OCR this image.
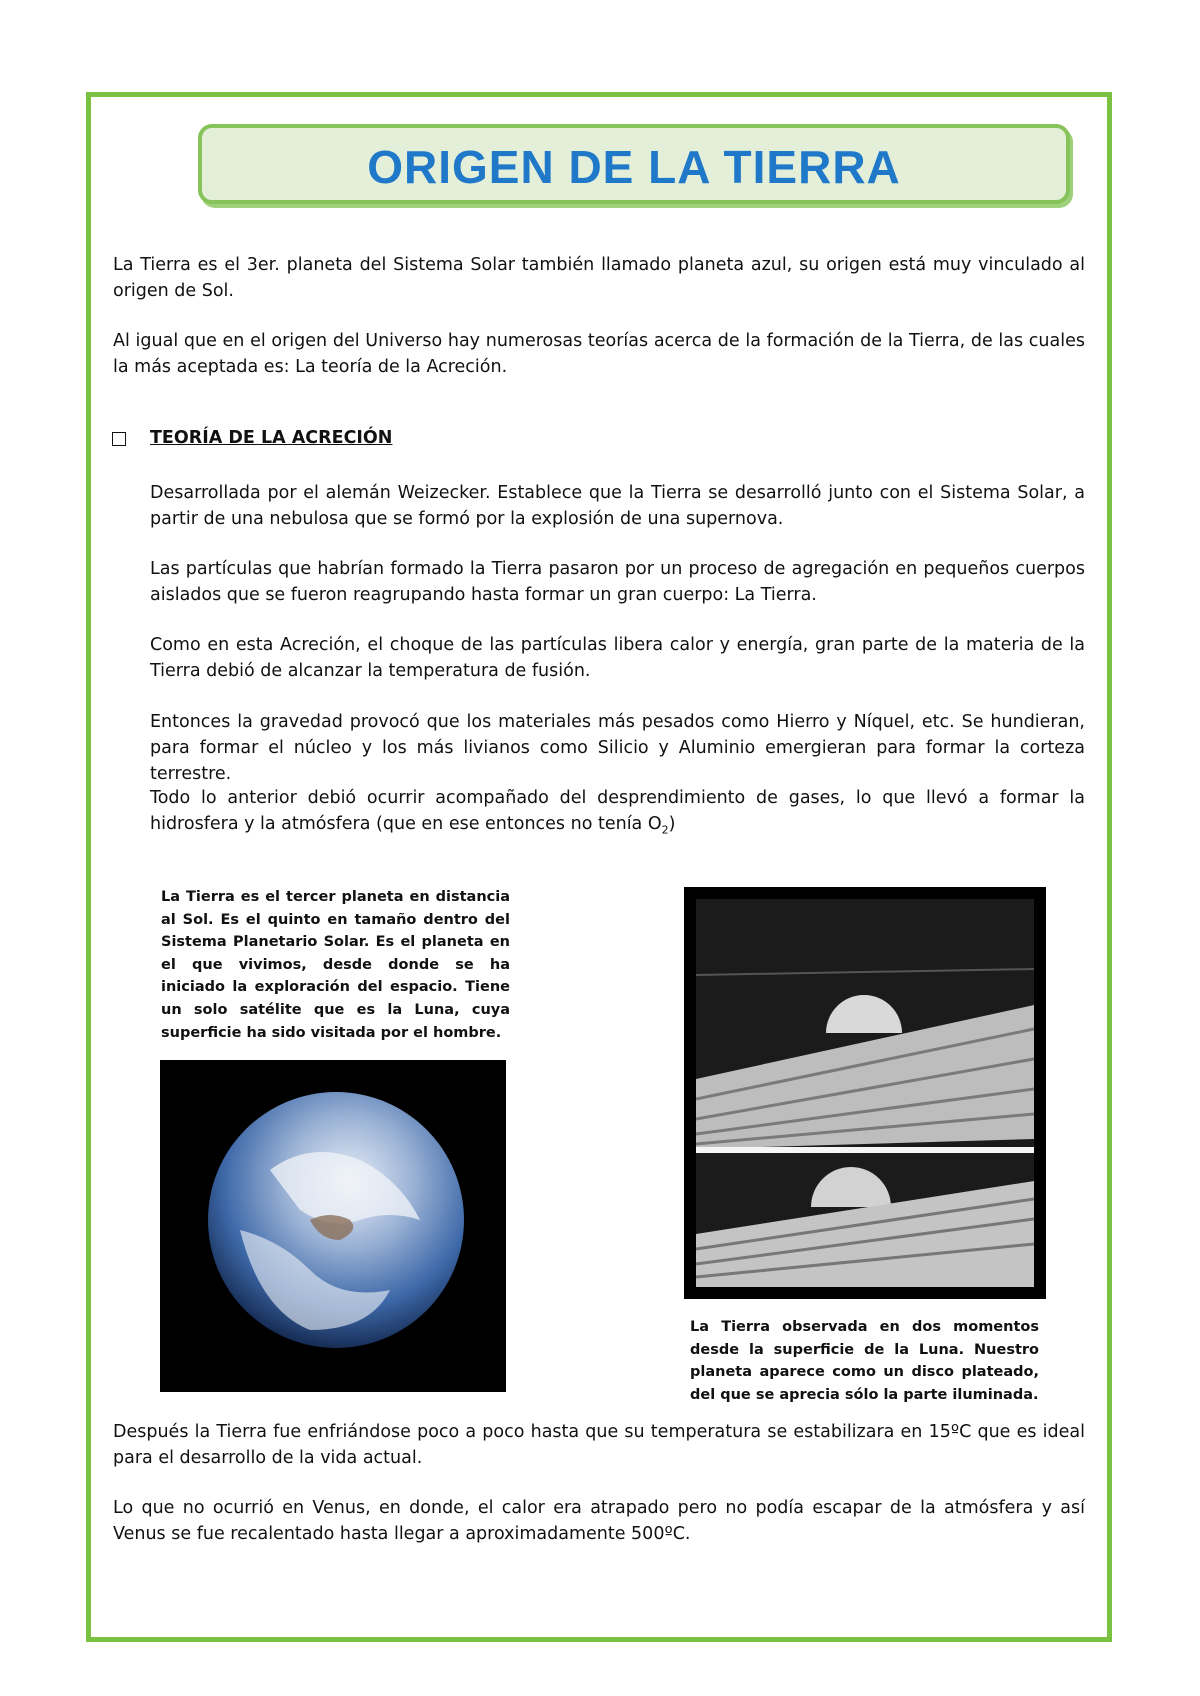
ORIGEN DE LA TIERRA

La Tierra es el 3er. planeta del Sistema Solar también llamado planeta azul, su origen está muy vinculado al origen de Sol.

Al igual que en el origen del Universo hay numerosas teorías acerca de la formación de la Tierra, de las cuales la más aceptada es: La teoría de la Acreción.

TEORÍA DE LA ACRECIÓN

Desarrollada por el alemán Weizecker. Establece que la Tierra se desarrolló junto con el Sistema Solar, a partir de una nebulosa que se formó por la explosión de una supernova.

Las partículas que habrían formado la Tierra pasaron por un proceso de agregación en pequeños cuerpos aislados que se fueron reagrupando hasta formar un gran cuerpo: La Tierra.

Como en esta Acreción, el choque de las partículas libera calor y energía, gran parte de la materia de la Tierra debió de alcanzar la temperatura de fusión.

Entonces la gravedad provocó que los materiales más pesados como Hierro y Níquel, etc. Se hundieran, para formar el núcleo y los más livianos como Silicio y Aluminio emergieran para formar la corteza terrestre.

Todo lo anterior debió ocurrir acompañado del desprendimiento de gases, lo que llevó a formar la hidrosfera y la atmósfera (que en ese entonces no tenía $O_2$)

La Tierra es el tercer planeta en distancia al Sol. Es el quinto en tamaño dentro del Sistema Planetario Solar. Es el planeta en el que vivimos, desde donde se ha iniciado la exploración del espacio. Tiene un solo satélite que es la Luna, cuya superficie ha sido visitada por el hombre.

La Tierra observada en dos momentos desde la superficie de la Luna. Nuestro planeta aparece como un disco plateado, del que se aprecia sólo la parte iluminada.

Después la Tierra fue enfriándose poco a poco hasta que su temperatura se estabilizara en 15ºC que es ideal para el desarrollo de la vida actual.

Lo que no ocurrió en Venus, en donde, el calor era atrapado pero no podía escapar de la atmósfera y así Venus se fue recalentado hasta llegar a aproximadamente 500ºC.
